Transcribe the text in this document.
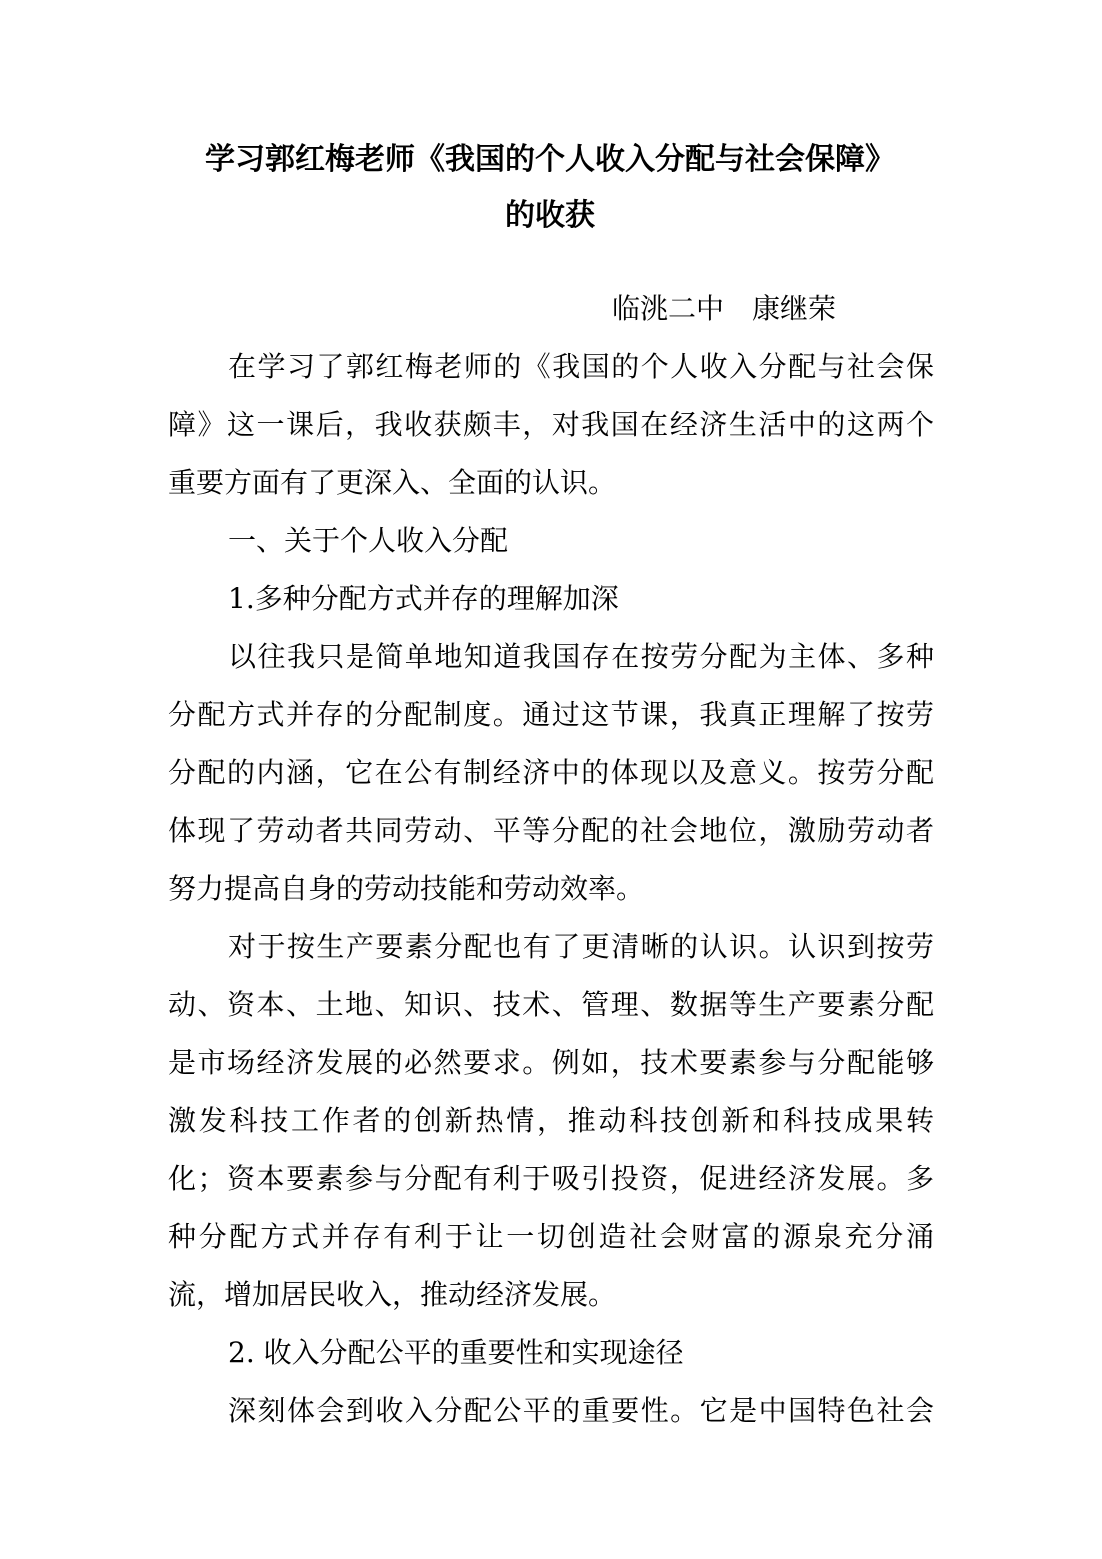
学习郭红梅老师《我国的个人收入分配与社会保障》
的收获
临洮二中　康继荣
在学习了郭红梅老师的《我国的个人收入分配与社会保
障》这一课后，我收获颇丰，对我国在经济生活中的这两个
重要方面有了更深入、全面的认识。
一、关于个人收入分配
1.多种分配方式并存的理解加深
以往我只是简单地知道我国存在按劳分配为主体、多种
分配方式并存的分配制度。通过这节课，我真正理解了按劳
分配的内涵，它在公有制经济中的体现以及意义。按劳分配
体现了劳动者共同劳动、平等分配的社会地位，激励劳动者
努力提高自身的劳动技能和劳动效率。
对于按生产要素分配也有了更清晰的认识。认识到按劳
动、资本、土地、知识、技术、管理、数据等生产要素分配
是市场经济发展的必然要求。例如，技术要素参与分配能够
激发科技工作者的创新热情，推动科技创新和科技成果转
化；资本要素参与分配有利于吸引投资，促进经济发展。多
种分配方式并存有利于让一切创造社会财富的源泉充分涌
流，增加居民收入，推动经济发展。
2. 收入分配公平的重要性和实现途径
深刻体会到收入分配公平的重要性。它是中国特色社会
